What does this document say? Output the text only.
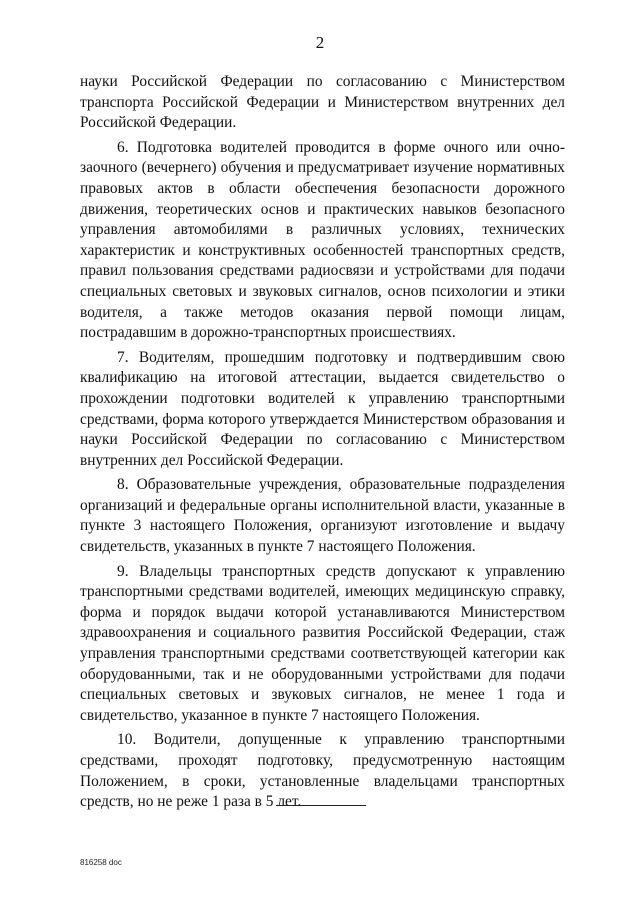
2

науки Российской Федерации по согласованию с Министерством транспорта Российской Федерации и Министерством внутренних дел Российской Федерации.

6. Подготовка водителей проводится в форме очного или очно-заочного (вечернего) обучения и предусматривает изучение нормативных правовых актов в области обеспечения безопасности дорожного движения, теоретических основ и практических навыков безопасного управления автомобилями в различных условиях, технических характеристик и конструктивных особенностей транспортных средств, правил пользования средствами радиосвязи и устройствами для подачи специальных световых и звуковых сигналов, основ психологии и этики водителя, а также методов оказания первой помощи лицам, пострадавшим в дорожно-транспортных происшествиях.

7. Водителям, прошедшим подготовку и подтвердившим свою квалификацию на итоговой аттестации, выдается свидетельство о прохождении подготовки водителей к управлению транспортными средствами, форма которого утверждается Министерством образования и науки Российской Федерации по согласованию с Министерством внутренних дел Российской Федерации.

8. Образовательные учреждения, образовательные подразделения организаций и федеральные органы исполнительной власти, указанные в пункте 3 настоящего Положения, организуют изготовление и выдачу свидетельств, указанных в пункте 7 настоящего Положения.

9. Владельцы транспортных средств допускают к управлению транспортными средствами водителей, имеющих медицинскую справку, форма и порядок выдачи которой устанавливаются Министерством здравоохранения и социального развития Российской Федерации, стаж управления транспортными средствами соответствующей категории как оборудованными, так и не оборудованными устройствами для подачи специальных световых и звуковых сигналов, не менее 1 года и свидетельство, указанное в пункте 7 настоящего Положения.

10. Водители, допущенные к управлению транспортными средствами, проходят подготовку, предусмотренную настоящим Положением, в сроки, установленные владельцами транспортных средств, но не реже 1 раза в 5 лет.

816258 doc
